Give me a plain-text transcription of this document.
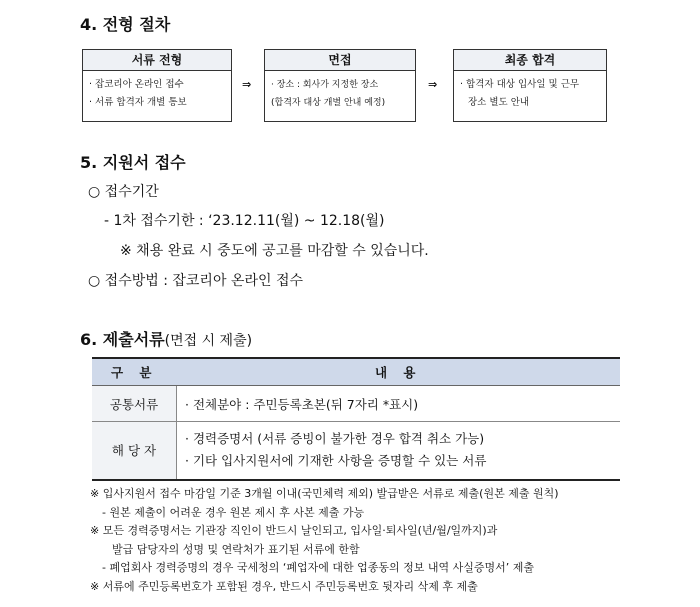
4. 전형 절차
서류 전형
· 잡코리아 온라인 접수
· 서류 합격자 개별 통보
⇒
면접
· 장소 : 회사가 지정한 장소
(합격자 대상 개별 안내 예정)
⇒
최종 합격
· 합격자 대상 입사일 및 근무
장소 별도 안내
5. 지원서 접수
○ 접수기간
- 1차 접수기한 : ‘23.12.11(월) ~ 12.18(월)
※ 채용 완료 시 중도에 공고를 마감할 수 있습니다.
○ 접수방법 : 잡코리아 온라인 접수
6. 제출서류(면접 시 제출)
구 분	내 용
공통서류	· 전체분야 : 주민등록초본(뒤 7자리 *표시)

해 당 자	· 경력증명서 (서류 증빙이 불가한 경우 합격 취소 가능)
· 기타 입사지원서에 기재한 사항을 증명할 수 있는 서류
※ 입사지원서 접수 마감일 기준 3개월 이내(국민체력 제외) 발급받은 서류로 제출(원본 제출 원칙)
- 원본 제출이 어려운 경우 원본 제시 후 사본 제출 가능
※ 모든 경력증명서는 기관장 직인이 반드시 날인되고, 입사일·퇴사일(년/월/일까지)과
발급 담당자의 성명 및 연락처가 표기된 서류에 한함
- 폐업회사 경력증명의 경우 국세청의 ‘폐업자에 대한 업종동의 정보 내역 사실증명서’ 제출
※ 서류에 주민등록번호가 포함된 경우, 반드시 주민등록번호 뒷자리 삭제 후 제출
